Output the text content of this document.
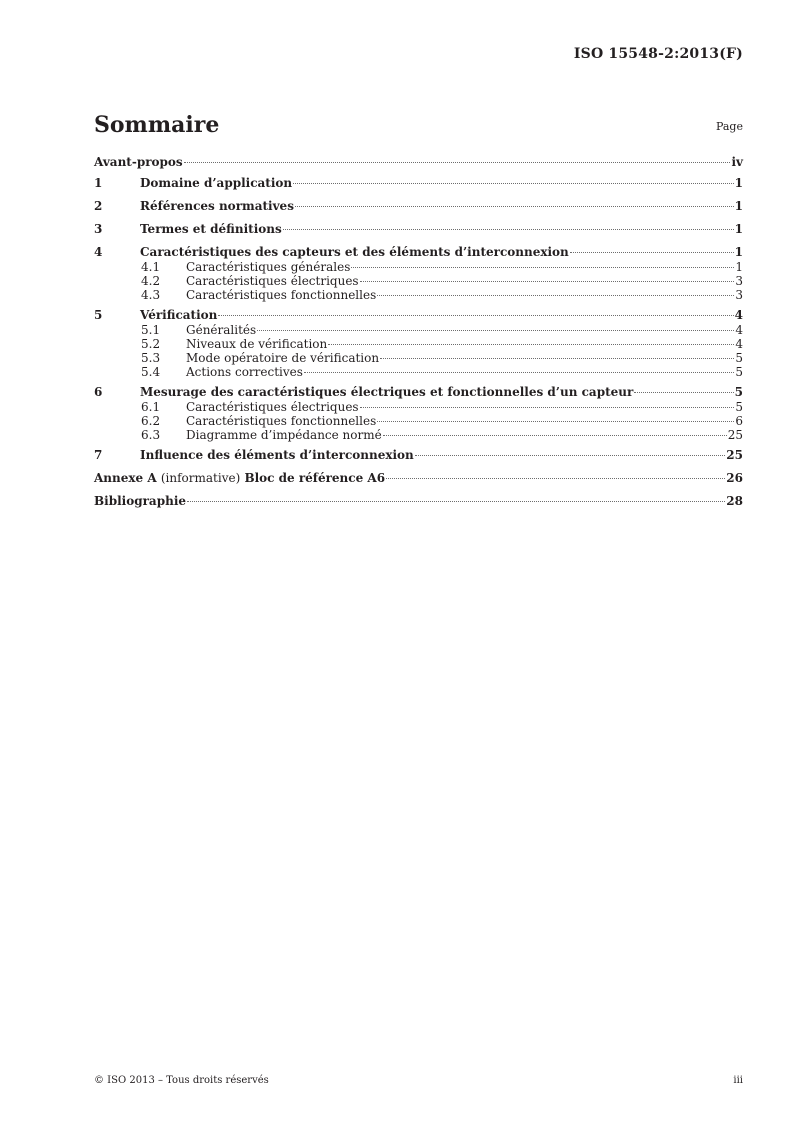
ISO 15548-2:2013(F)
Sommaire	Page
Avant-propos	iv
1	Domaine d’application	1
2	Références normatives	1
3	Termes et définitions	1
4	Caractéristiques des capteurs et des éléments d’interconnexion	1
4.1	Caractéristiques générales	1
4.2	Caractéristiques électriques	3
4.3	Caractéristiques fonctionnelles	3
5	Vérification	4
5.1	Généralités	4
5.2	Niveaux de vérification	4
5.3	Mode opératoire de vérification	5
5.4	Actions correctives	5
6	Mesurage des caractéristiques électriques et fonctionnelles d’un capteur	5
6.1	Caractéristiques électriques	5
6.2	Caractéristiques fonctionnelles	6
6.3	Diagramme d’impédance normé	25
7	Influence des éléments d’interconnexion	25
Annexe A (informative) Bloc de référence A6	26
Bibliographie	28
© ISO 2013 – Tous droits réservés	iii
